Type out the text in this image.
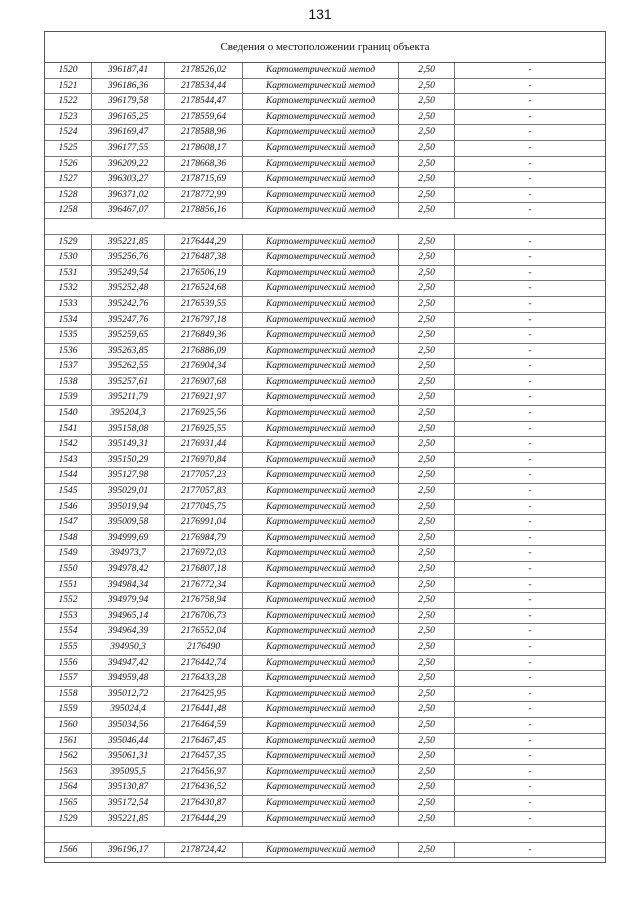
131
Сведения о местоположении границ объекта
1520	396187,41	2178526,02	Картометрический метод	2,50	-
1521	396186,36	2178534,44	Картометрический метод	2,50	-
1522	396179,58	2178544,47	Картометрический метод	2,50	-
1523	396165,25	2178559,64	Картометрический метод	2,50	-
1524	396169,47	2178588,96	Картометрический метод	2,50	-
1525	396177,55	2178608,17	Картометрический метод	2,50	-
1526	396209,22	2178668,36	Картометрический метод	2,50	-
1527	396303,27	2178715,69	Картометрический метод	2,50	-
1528	396371,02	2178772,99	Картометрический метод	2,50	-
1258	396467,07	2178856,16	Картометрический метод	2,50	-
1529	395221,85	2176444,29	Картометрический метод	2,50	-
1530	395256,76	2176487,38	Картометрический метод	2,50	-
1531	395249,54	2176506,19	Картометрический метод	2,50	-
1532	395252,48	2176524,68	Картометрический метод	2,50	-
1533	395242,76	2176539,55	Картометрический метод	2,50	-
1534	395247,76	2176797,18	Картометрический метод	2,50	-
1535	395259,65	2176849,36	Картометрический метод	2,50	-
1536	395263,85	2176886,09	Картометрический метод	2,50	-
1537	395262,55	2176904,34	Картометрический метод	2,50	-
1538	395257,61	2176907,68	Картометрический метод	2,50	-
1539	395211,79	2176921,97	Картометрический метод	2,50	-
1540	395204,3	2176925,56	Картометрический метод	2,50	-
1541	395158,08	2176925,55	Картометрический метод	2,50	-
1542	395149,31	2176931,44	Картометрический метод	2,50	-
1543	395150,29	2176970,84	Картометрический метод	2,50	-
1544	395127,98	2177057,23	Картометрический метод	2,50	-
1545	395029,01	2177057,83	Картометрический метод	2,50	-
1546	395019,94	2177045,75	Картометрический метод	2,50	-
1547	395009,58	2176991,04	Картометрический метод	2,50	-
1548	394999,69	2176984,79	Картометрический метод	2,50	-
1549	394973,7	2176972,03	Картометрический метод	2,50	-
1550	394978,42	2176807,18	Картометрический метод	2,50	-
1551	394984,34	2176772,34	Картометрический метод	2,50	-
1552	394979,94	2176758,94	Картометрический метод	2,50	-
1553	394965,14	2176706,73	Картометрический метод	2,50	-
1554	394964,39	2176552,04	Картометрический метод	2,50	-
1555	394950,3	2176490	Картометрический метод	2,50	-
1556	394947,42	2176442,74	Картометрический метод	2,50	-
1557	394959,48	2176433,28	Картометрический метод	2,50	-
1558	395012,72	2176425,95	Картометрический метод	2,50	-
1559	395024,4	2176441,48	Картометрический метод	2,50	-
1560	395034,56	2176464,59	Картометрический метод	2,50	-
1561	395046,44	2176467,45	Картометрический метод	2,50	-
1562	395061,31	2176457,35	Картометрический метод	2,50	-
1563	395095,5	2176456,97	Картометрический метод	2,50	-
1564	395130,87	2176436,52	Картометрический метод	2,50	-
1565	395172,54	2176430,87	Картометрический метод	2,50	-
1529	395221,85	2176444,29	Картометрический метод	2,50	-
1566	396196,17	2178724,42	Картометрический метод	2,50	-
